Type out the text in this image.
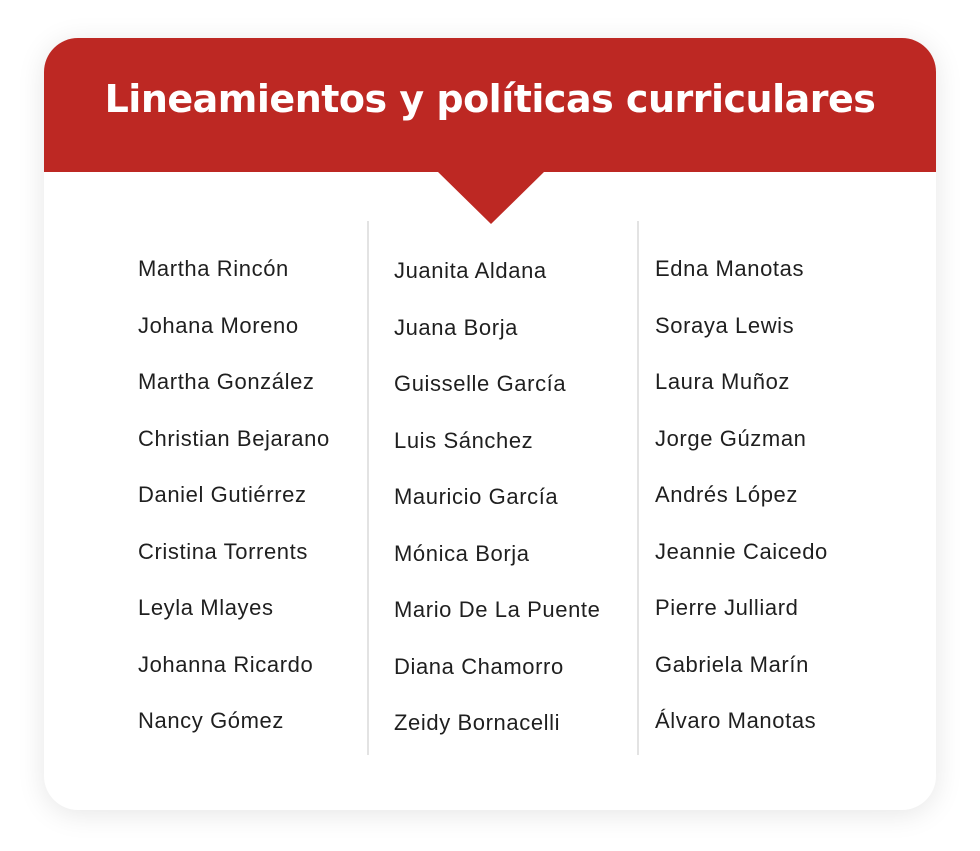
Lineamientos y políticas curriculares
Martha Rincón
Johana Moreno
Martha González
Christian Bejarano
Daniel Gutiérrez
Cristina Torrents
Leyla Mlayes
Johanna Ricardo
Nancy Gómez
Juanita Aldana
Juana Borja
Guisselle García
Luis Sánchez
Mauricio García
Mónica Borja
Mario De La Puente
Diana Chamorro
Zeidy Bornacelli
Edna Manotas
Soraya Lewis
Laura Muñoz
Jorge Gúzman
Andrés López
Jeannie Caicedo
Pierre Julliard
Gabriela Marín
Álvaro Manotas
